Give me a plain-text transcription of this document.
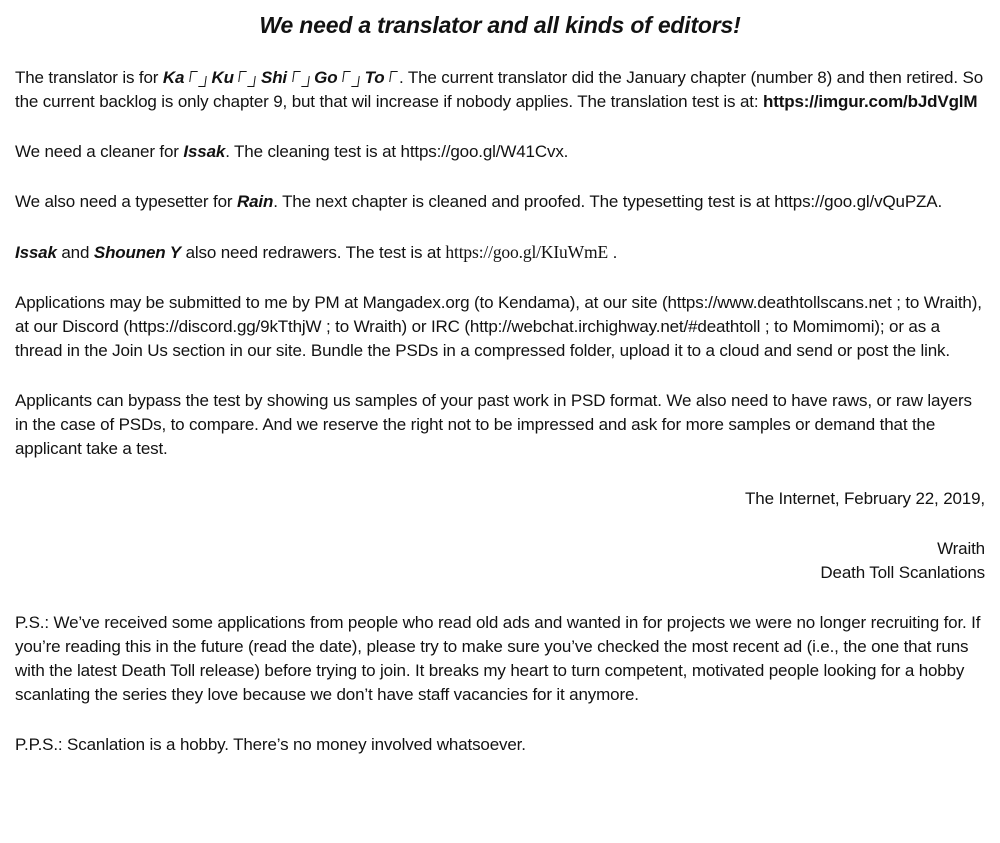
We need a translator and all kinds of editors!

The translator is for Ka Ku Shi Go To . The current translator did the January chapter (number 8) and then retired. So the current backlog is only chapter 9, but that wil increase if nobody applies. The translation test is at: https://imgur.com/bJdVglM

We need a cleaner for Issak. The cleaning test is at https://goo.gl/W41Cvx.

We also need a typesetter for Rain. The next chapter is cleaned and proofed. The typesetting test is at https://goo.gl/vQuPZA.

Issak and Shounen Y also need redrawers. The test is at https://goo.gl/KIuWmE .

Applications may be submitted to me by PM at Mangadex.org (to Kendama), at our site (https://www.deathtollscans.net ; to Wraith), at our Discord (https://discord.gg/9kTthjW ; to Wraith) or IRC (http://webchat.irchighway.net/#deathtoll ; to Momimomi); or as a thread in the Join Us section in our site. Bundle the PSDs in a compressed folder, upload it to a cloud and send or post the link.

Applicants can bypass the test by showing us samples of your past work in PSD format. We also need to have raws, or raw layers in the case of PSDs, to compare. And we reserve the right not to be impressed and ask for more samples or demand that the applicant take a test.

The Internet, February 22, 2019,

Wraith
Death Toll Scanlations

P.S.: We’ve received some applications from people who read old ads and wanted in for projects we were no longer recruiting for. If you’re reading this in the future (read the date), please try to make sure you’ve checked the most recent ad (i.e., the one that runs with the latest Death Toll release) before trying to join. It breaks my heart to turn competent, motivated people looking for a hobby scanlating the series they love because we don’t have staff vacancies for it anymore.

P.P.S.: Scanlation is a hobby. There’s no money involved whatsoever.
